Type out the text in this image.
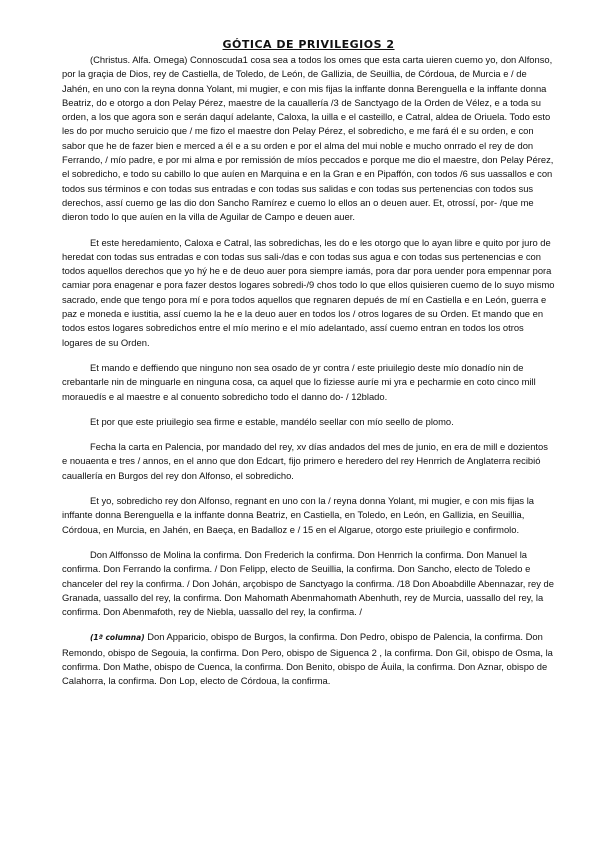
GÓTICA DE PRIVILEGIOS 2

(Christus. Alfa. Omega) Connoscuda1 cosa sea a todos los omes que esta carta uieren cuemo yo, don Alfonso, por la graçia de Dios, rey de Castiella, de Toledo, de León, de Gallizia, de Seuillia, de Córdoua, de Murcia e / de Jahén, en uno con la reyna donna Yolant, mi mugier, e con mis fijas la inffante donna Berenguella e la inffante donna Beatriz, do e otorgo a don Pelay Pérez, maestre de la cauallería /3 de Sanctyago de la Orden de Vélez, e a toda su orden, a los que agora son e serán daquí adelante, Caloxa, la uilla e el casteillo, e Catral, aldea de Oriuela. Todo esto les do por mucho seruicio que / me fizo el maestre don Pelay Pérez, el sobredicho, e me fará él e su orden, e con sabor que he de fazer bien e merced a él e a su orden e por el alma del mui noble e mucho onrrado el rey de don Ferrando, / mío padre, e por mi alma e por remissión de míos peccados e porque me dio el maestre, don Pelay Pérez, el sobredicho, e todo su cabillo lo que auíen en Marquina e en la Gran e en Pipaffón, con todos /6 sus uassallos e con todos sus términos e con todas sus entradas e con todas sus salidas e con todas sus pertenencias con todos sus derechos, assí cuemo ge las dio don Sancho Ramírez e cuemo lo ellos an o deuen auer. Et, otrossí, por- /que me dieron todo lo que auíen en la villa de Aguilar de Campo e deuen auer.

Et este heredamiento, Caloxa e Catral, las sobredichas, les do e les otorgo que lo ayan libre e quito por juro de heredat con todas sus entradas e con todas sus sali-/das e con todas sus agua e con todas sus pertenencias e con todos aquellos derechos que yo hý he e de deuo auer pora siempre iamás, pora dar pora uender pora empennar pora camiar pora enagenar e pora fazer destos logares sobredi-/9 chos todo lo que ellos quisieren cuemo de lo suyo mismo sacrado, ende que tengo pora mí e pora todos aquellos que regnaren depués de mí en Castiella e en León, guerra e paz e moneda e iustitia, assí cuemo la he e la deuo auer en todos los / otros logares de su Orden. Et mando que en todos estos logares sobredichos entre el mío merino e el mío adelantado, assí cuemo entran en todos los otros logares de su Orden.

Et mando e deffiendo que ninguno non sea osado de yr contra / este priuilegio deste mío donadío nin de crebantarle nin de minguarle en ninguna cosa, ca aquel que lo fiziesse auríe mi yra e pecharmie en coto cinco mill morauedís e al maestre e al conuento sobredicho todo el danno do- / 12blado.

Et por que este priuilegio sea firme e estable, mandélo seellar con mío seello de plomo.

Fecha la carta en Palencia, por mandado del rey, xv días andados del mes de junio, en era de mill e dozientos e nouaenta e tres / annos, en el anno que don Edcart, fijo primero e heredero del rey Henrrich de Anglaterra recibió cauallería en Burgos del rey don Alfonso, el sobredicho.

Et yo, sobredicho rey don Alfonso, regnant en uno con la / reyna donna Yolant, mi mugier, e con mis fijas la inffante donna Berenguella e la inffante donna Beatriz, en Castiella, en Toledo, en León, en Gallizia, en Seuillia, Córdoua, en Murcia, en Jahén, en Baeça, en Badalloz e / 15 en el Algarue, otorgo este priuilegio e confirmolo.

Don Alffonsso de Molina la confirma. Don Frederich la confirma. Don Henrrich la confirma. Don Manuel la confirma. Don Ferrando la confirma. / Don Felipp, electo de Seuillia, la confirma. Don Sancho, electo de Toledo e chanceler del rey la confirma. / Don Johán, arçobispo de Sanctyago la confirma. /18 Don Aboabdille Abennazar, rey de Granada, uassallo del rey, la confirma. Don Mahomath Abenmahomath Abenhuth, rey de Murcia, uassallo del rey, la confirma. Don Abenmafoth, rey de Niebla, uassallo del rey, la confirma. /

(1ª columna) Don Apparicio, obispo de Burgos, la confirma. Don Pedro, obispo de Palencia, la confirma. Don Remondo, obispo de Segouia, la confirma. Don Pero, obispo de Siguenca 2 , la confirma. Don Gil, obispo de Osma, la confirma. Don Mathe, obispo de Cuenca, la confirma. Don Benito, obispo de Áuila, la confirma. Don Aznar, obispo de Calahorra, la confirma. Don Lop, electo de Córdoua, la confirma.
